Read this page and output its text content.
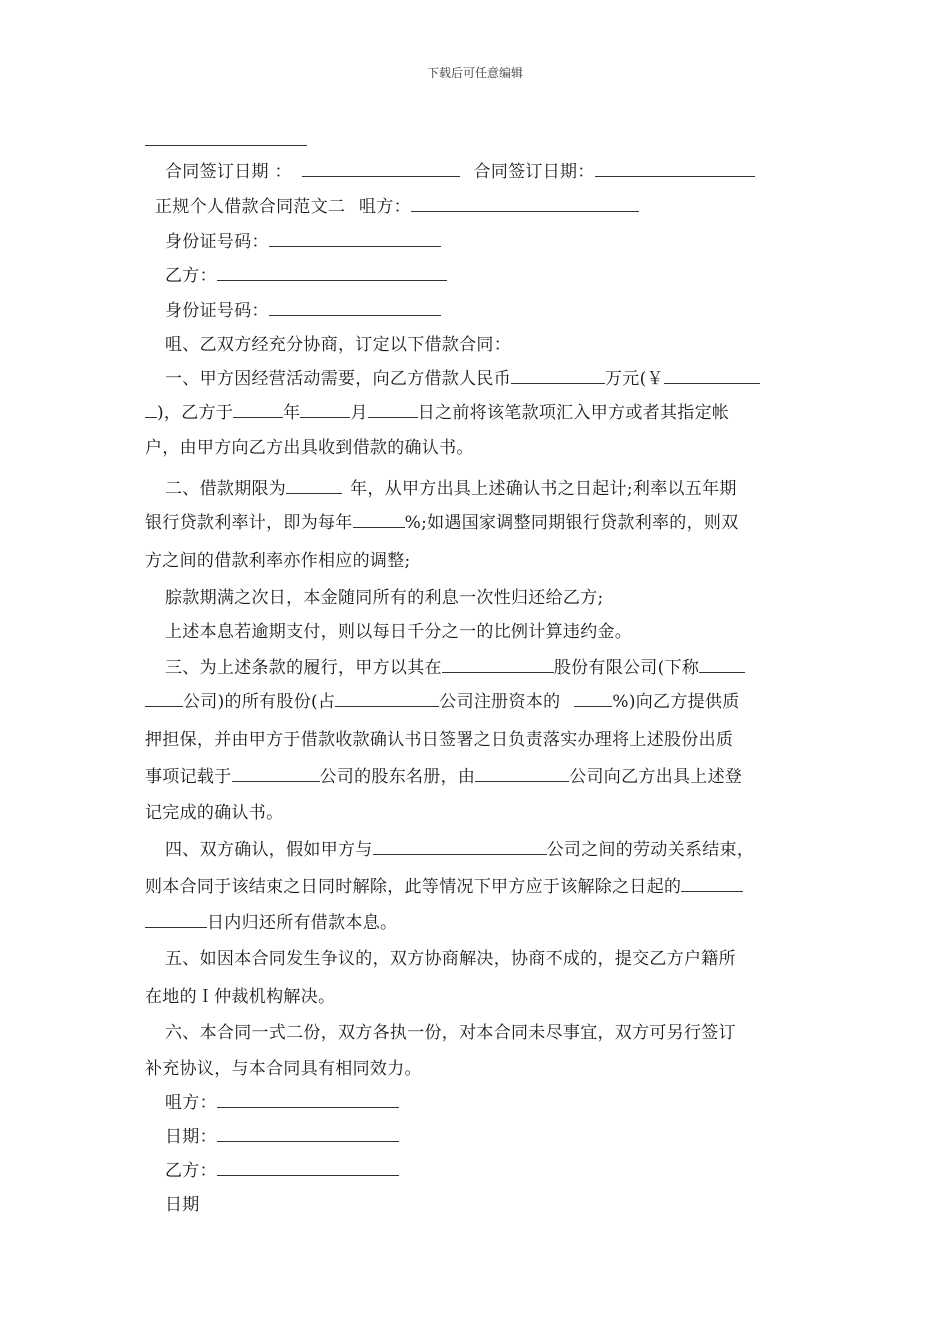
下载后可任意编辑
合同签订日期 ：	合同签订日期：
正规个人借款合同范文二 咀方：
身份证号码：
乙方：
身份证号码：
咀、乙双方经充分协商，订定以下借款合同：
一、甲方因经营活动需要，向乙方借款人民币	万元(￥
)，乙方于	年	月	日之前将该笔款项汇入甲方或者其指定帐
户，由甲方向乙方出具收到借款的确认书。
二、借款期限为	年，从甲方出具上述确认书之日起计;利率以五年期
银行贷款利率计，即为每年	%;如遇国家调整同期银行贷款利率的，则双
方之间的借款利率亦作相应的调整;
腙款期满之次日，本金随同所有的利息一次性归还给乙方;
上述本息若逾期支付，则以每日千分之一的比例计算违约金。
三、为上述条款的履行，甲方以其在	股份有限公司(下称
公司)的所有股份(占	公司注册资本的	%)向乙方提供质
押担保，并由甲方于借款收款确认书日签署之日负责落实办理将上述股份出质
事项记载于	公司的股东名册，由	公司向乙方出具上述登
记完成的确认书。
四、双方确认，假如甲方与	公司之间的劳动关系结束，
则本合同于该结束之日同时解除，此等情况下甲方应于该解除之日起的
日内归还所有借款本息。
五、如因本合同发生争议的，双方协商解决，协商不成的，提交乙方户籍所
在地的Ｉ仲裁机构解决。
六、本合同一式二份，双方各执一份，对本合同未尽事宜，双方可另行签订
补充协议，与本合同具有相同效力。
咀方：
日期：
乙方：
日期
